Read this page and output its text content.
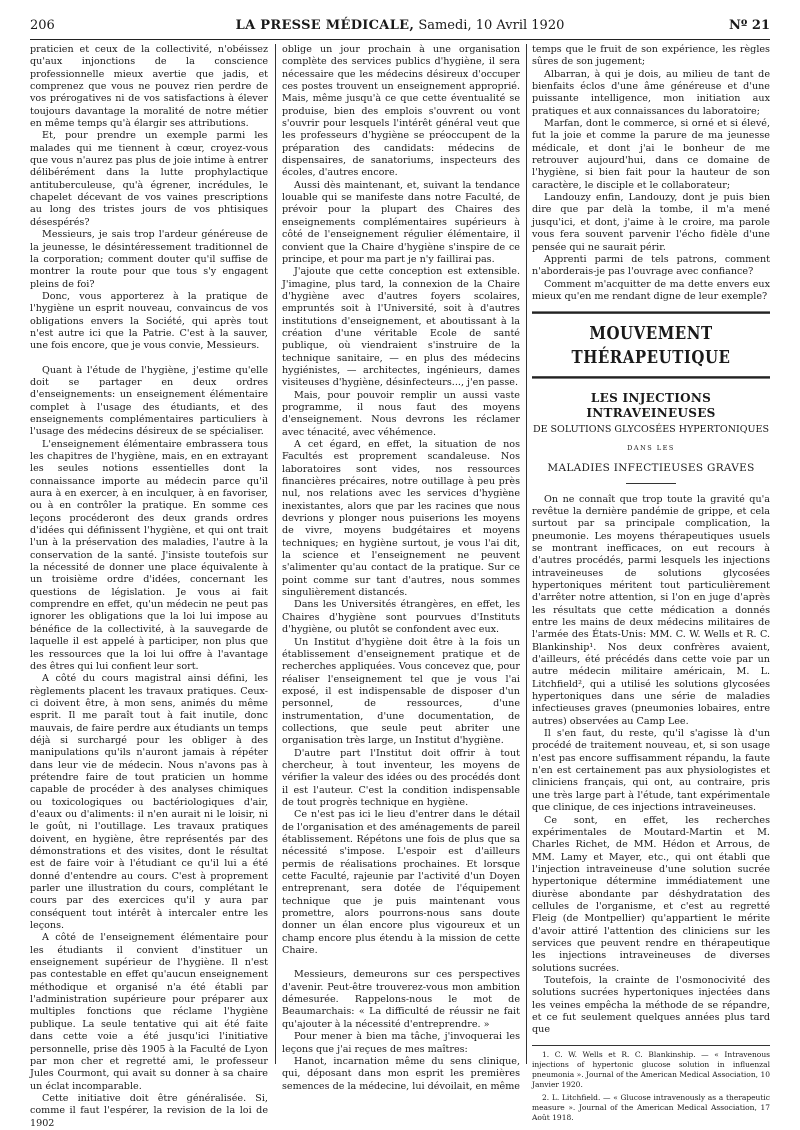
206	LA PRESSE MÉDICALE, Samedi, 10 Avril 1920	Nº 21

praticien et ceux de la collectivité, n'obéissez qu'aux injonctions de la conscience professionnelle mieux avertie que jadis, et comprenez que vous ne pouvez rien perdre de vos prérogatives ni de vos satisfactions à élever toujours davantage la moralité de notre métier en même temps qu'à élargir ses attributions.

Et, pour prendre un exemple parmi les malades qui me tiennent à cœur, croyez-vous que vous n'aurez pas plus de joie intime à entrer délibérément dans la lutte prophylactique antituberculeuse, qu'à égrener, incrédules, le chapelet décevant de vos vaines prescriptions au long des tristes jours de vos phtisiques désespérés?

Messieurs, je sais trop l'ardeur généreuse de la jeunesse, le désintéressement traditionnel de la corporation; comment douter qu'il suffise de montrer la route pour que tous s'y engagent pleins de foi?

Donc, vous apporterez à la pratique de l'hygiène un esprit nouveau, convaincus de vos obligations envers la Société, qui après tout n'est autre ici que la Patrie. C'est à la sauver, une fois encore, que je vous convie, Messieurs.

Quant à l'étude de l'hygiène, j'estime qu'elle doit se partager en deux ordres d'enseignements: un enseignement élémentaire complet à l'usage des étudiants, et des enseignements complémentaires particuliers à l'usage des médecins désireux de se spécialiser.

L'enseignement élémentaire embrassera tous les chapitres de l'hygiène, mais, en en extrayant les seules notions essentielles dont la connaissance importe au médecin parce qu'il aura à en exercer, à en inculquer, à en favoriser, ou à en contrôler la pratique. En somme ces leçons procéderont des deux grands ordres d'idées qui définissent l'hygiène, et qui ont trait l'un à la préservation des maladies, l'autre à la conservation de la santé. J'insiste toutefois sur la nécessité de donner une place équivalente à un troisième ordre d'idées, concernant les questions de législation. Je vous ai fait comprendre en effet, qu'un médecin ne peut pas ignorer les obligations que la loi lui impose au bénéfice de la collectivité, à la sauvegarde de laquelle il est appelé à participer, non plus que les ressources que la loi lui offre à l'avantage des êtres qui lui confient leur sort.

A côté du cours magistral ainsi défini, les règlements placent les travaux pratiques. Ceux-ci doivent être, à mon sens, animés du même esprit. Il me paraît tout à fait inutile, donc mauvais, de faire perdre aux étudiants un temps déjà si surchargé pour les obliger à des manipulations qu'ils n'auront jamais à répéter dans leur vie de médecin. Nous n'avons pas à prétendre faire de tout praticien un homme capable de procéder à des analyses chimiques ou toxicologiques ou bactériologiques d'air, d'eaux ou d'aliments: il n'en aurait ni le loisir, ni le goût, ni l'outillage. Les travaux pratiques doivent, en hygiène, être représentés par des démonstrations et des visites, dont le résultat est de faire voir à l'étudiant ce qu'il lui a été donné d'entendre au cours. C'est à proprement parler une illustration du cours, complétant le cours par des exercices qu'il y aura par conséquent tout intérêt à intercaler entre les leçons.

A côté de l'enseignement élémentaire pour les étudiants il convient d'instituer un enseignement supérieur de l'hygiène. Il n'est pas contestable en effet qu'aucun enseignement méthodique et organisé n'a été établi par l'administration supérieure pour préparer aux multiples fonctions que réclame l'hygiène publique. La seule tentative qui ait été faite dans cette voie a été jusqu'ici l'initiative personnelle, prise dès 1905 à la Faculté de Lyon par mon cher et regretté ami, le professeur Jules Courmont, qui avait su donner à sa chaire un éclat incomparable.

Cette initiative doit être généralisée. Si, comme il faut l'espérer, la revision de la loi de 1902

oblige un jour prochain à une organisation complète des services publics d'hygiène, il sera nécessaire que les médecins désireux d'occuper ces postes trouvent un enseignement approprié. Mais, même jusqu'à ce que cette éventualité se produise, bien des emplois s'ouvrent ou vont s'ouvrir pour lesquels l'intérêt général veut que les professeurs d'hygiène se préoccupent de la préparation des candidats: médecins de dispensaires, de sanatoriums, inspecteurs des écoles, d'autres encore.

Aussi dès maintenant, et, suivant la tendance louable qui se manifeste dans notre Faculté, de prévoir pour la plupart des Chaires des enseignements complémentaires supérieurs à côté de l'enseignement régulier élémentaire, il convient que la Chaire d'hygiène s'inspire de ce principe, et pour ma part je n'y faillirai pas.

J'ajoute que cette conception est extensible. J'imagine, plus tard, la connexion de la Chaire d'hygiène avec d'autres foyers scolaires, empruntés soit à l'Université, soit à d'autres institutions d'enseignement, et aboutissant à la création d'une véritable Ecole de santé publique, où viendraient s'instruire de la technique sanitaire, — en plus des médecins hygiénistes, — architectes, ingénieurs, dames visiteuses d'hygiène, désinfecteurs..., j'en passe.

Mais, pour pouvoir remplir un aussi vaste programme, il nous faut des moyens d'enseignement. Nous devrons les réclamer avec ténacité, avec véhémence.

A cet égard, en effet, la situation de nos Facultés est proprement scandaleuse. Nos laboratoires sont vides, nos ressources financières précaires, notre outillage à peu près nul, nos relations avec les services d'hygiène inexistantes, alors que par les racines que nous devrions y plonger nous puiserions les moyens de vivre, moyens budgétaires et moyens techniques; en hygiène surtout, je vous l'ai dit, la science et l'enseignement ne peuvent s'alimenter qu'au contact de la pratique. Sur ce point comme sur tant d'autres, nous sommes singulièrement distancés.

Dans les Universités étrangères, en effet, les Chaires d'hygiène sont pourvues d'Instituts d'hygiène, ou plutôt se confondent avec eux.

Un Institut d'hygiène doit être à la fois un établissement d'enseignement pratique et de recherches appliquées. Vous concevez que, pour réaliser l'enseignement tel que je vous l'ai exposé, il est indispensable de disposer d'un personnel, de ressources, d'une instrumentation, d'une documentation, de collections, que seule peut abriter une organisation très large, un Institut d'hygiène.

D'autre part l'Institut doit offrir à tout chercheur, à tout inventeur, les moyens de vérifier la valeur des idées ou des procédés dont il est l'auteur. C'est la condition indispensable de tout progrès technique en hygiène.

Ce n'est pas ici le lieu d'entrer dans le détail de l'organisation et des aménagements de pareil établissement. Répétons une fois de plus que sa nécessité s'impose. L'espoir est d'ailleurs permis de réalisations prochaines. Et lorsque cette Faculté, rajeunie par l'activité d'un Doyen entreprenant, sera dotée de l'équipement technique que je puis maintenant vous promettre, alors pourrons-nous sans doute donner un élan encore plus vigoureux et un champ encore plus étendu à la mission de cette Chaire.

Messieurs, demeurons sur ces perspectives d'avenir. Peut-être trouverez-vous mon ambition démesurée. Rappelons-nous le mot de Beaumarchais: « La difficulté de réussir ne fait qu'ajouter à la nécessité d'entreprendre. »

Pour mener à bien ma tâche, j'invoquerai les leçons que j'ai reçues de mes maîtres:

Hanot, incarnation même du sens clinique, qui, déposant dans mon esprit les premières semences de la médecine, lui dévoilait, en même

temps que le fruit de son expérience, les règles sûres de son jugement;

Albarran, à qui je dois, au milieu de tant de bienfaits éclos d'une âme généreuse et d'une puissante intelligence, mon initiation aux pratiques et aux connaissances du laboratoire;

Marfan, dont le commerce, si orné et si élevé, fut la joie et comme la parure de ma jeunesse médicale, et dont j'ai le bonheur de me retrouver aujourd'hui, dans ce domaine de l'hygiène, si bien fait pour la hauteur de son caractère, le disciple et le collaborateur;

Landouzy enfin, Landouzy, dont je puis bien dire que par delà la tombe, il m'a mené jusqu'ici, et dont, j'aime à le croire, ma parole vous fera souvent parvenir l'écho fidèle d'une pensée qui ne saurait périr.

Apprenti parmi de tels patrons, comment n'aborderais-je pas l'ouvrage avec confiance?

Comment m'acquitter de ma dette envers eux mieux qu'en me rendant digne de leur exemple?

MOUVEMENT THÉRAPEUTIQUE
LES INJECTIONS INTRAVEINEUSES
DE SOLUTIONS GLYCOSÉES HYPERTONIQUES
DANS LES
MALADIES INFECTIEUSES GRAVES

On ne connaît que trop toute la gravité qu'a revêtue la dernière pandémie de grippe, et cela surtout par sa principale complication, la pneumonie. Les moyens thérapeutiques usuels se montrant inefficaces, on eut recours à d'autres procédés, parmi lesquels les injections intraveineuses de solutions glycosées hypertoniques méritent tout particulièrement d'arrêter notre attention, si l'on en juge d'après les résultats que cette médication a donnés entre les mains de deux médecins militaires de l'armée des États-Unis: MM. C. W. Wells et R. C. Blankinship¹. Nos deux confrères avaient, d'ailleurs, été précédés dans cette voie par un autre médecin militaire américain, M. L. Litchfield², qui a utilisé les solutions glycosées hypertoniques dans une série de maladies infectieuses graves (pneumonies lobaires, entre autres) observées au Camp Lee.

Il s'en faut, du reste, qu'il s'agisse là d'un procédé de traitement nouveau, et, si son usage n'est pas encore suffisamment répandu, la faute n'en est certainement pas aux physiologistes et cliniciens français, qui ont, au contraire, pris une très large part à l'étude, tant expérimentale que clinique, de ces injections intraveineuses.

Ce sont, en effet, les recherches expérimentales de Moutard-Martin et M. Charles Richet, de MM. Hédon et Arrous, de MM. Lamy et Mayer, etc., qui ont établi que l'injection intraveineuse d'une solution sucrée hypertonique détermine immédiatement une diurèse abondante par déshydratation des cellules de l'organisme, et c'est au regretté Fleig (de Montpellier) qu'appartient le mérite d'avoir attiré l'attention des cliniciens sur les services que peuvent rendre en thérapeutique les injections intraveineuses de diverses solutions sucrées.

Toutefois, la crainte de l'osmonocivité des solutions sucrées hypertoniques injectées dans les veines empêcha la méthode de se répandre, et ce fut seulement quelques années plus tard que

1. C. W. Wells et R. C. Blankinship. — « Intravenous injections of hypertonic glucose solution in influenzal pneumonia ». Journal of the American Medical Association, 10 Janvier 1920.

2. L. Litchfield. — « Glucose intravenously as a therapeutic measure ». Journal of the American Medical Association, 17 Août 1918.
